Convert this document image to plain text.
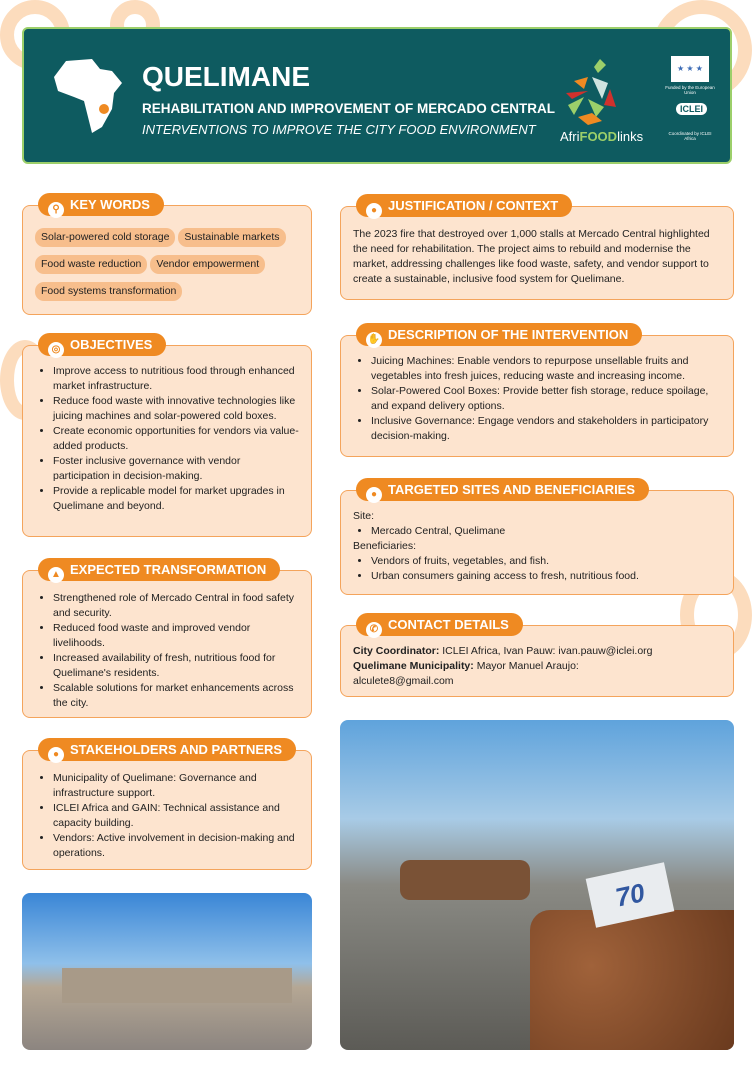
QUELIMANE
REHABILITATION AND IMPROVEMENT OF MERCADO CENTRAL
INTERVENTIONS TO IMPROVE THE CITY FOOD ENVIRONMENT AfriFOODlinks
★ ★ ★
Funded by the European Union
ICLEI
Coordinated by ICLEI Africa
⚲ KEY WORDS
Solar-powered cold storage Sustainable markets
Food waste reduction Vendor empowerment
Food systems transformation
◎ OBJECTIVES
• Improve access to nutritious food through enhanced market infrastructure.
• Reduce food waste with innovative technologies like juicing machines and solar-powered cold boxes.
• Create economic opportunities for vendors via value-added products.
• Foster inclusive governance with vendor participation in decision-making.
• Provide a replicable model for market upgrades in Quelimane and beyond.
▲ EXPECTED TRANSFORMATION
• Strengthened role of Mercado Central in food safety and security.
• Reduced food waste and improved vendor livelihoods.
• Increased availability of fresh, nutritious food for Quelimane's residents.
• Scalable solutions for market enhancements across the city.
● STAKEHOLDERS AND PARTNERS
• Municipality of Quelimane: Governance and infrastructure support.
• ICLEI Africa and GAIN: Technical assistance and capacity building.
• Vendors: Active involvement in decision-making and operations.
● JUSTIFICATION / CONTEXT

The 2023 fire that destroyed over 1,000 stalls at Mercado Central highlighted the need for rehabilitation. The project aims to rebuild and modernise the market, addressing challenges like food waste, safety, and vendor support to create a sustainable, inclusive food system for Quelimane.

✋ DESCRIPTION OF THE INTERVENTION
• Juicing Machines: Enable vendors to repurpose unsellable fruits and vegetables into fresh juices, reducing waste and increasing income.
• Solar-Powered Cool Boxes: Provide better fish storage, reduce spoilage, and expand delivery options.
• Inclusive Governance: Engage vendors and stakeholders in participatory decision-making.
● TARGETED SITES AND BENEFICIARIES

Site:

• Mercado Central, Quelimane

Beneficiaries:

• Vendors of fruits, vegetables, and fish.
• Urban consumers gaining access to fresh, nutritious food.
✆ CONTACT DETAILS

City Coordinator: ICLEI Africa, Ivan Pauw: ivan.pauw@iclei.org

Quelimane Municipality: Mayor Manuel Araujo:

alculete8@gmail.com

70
